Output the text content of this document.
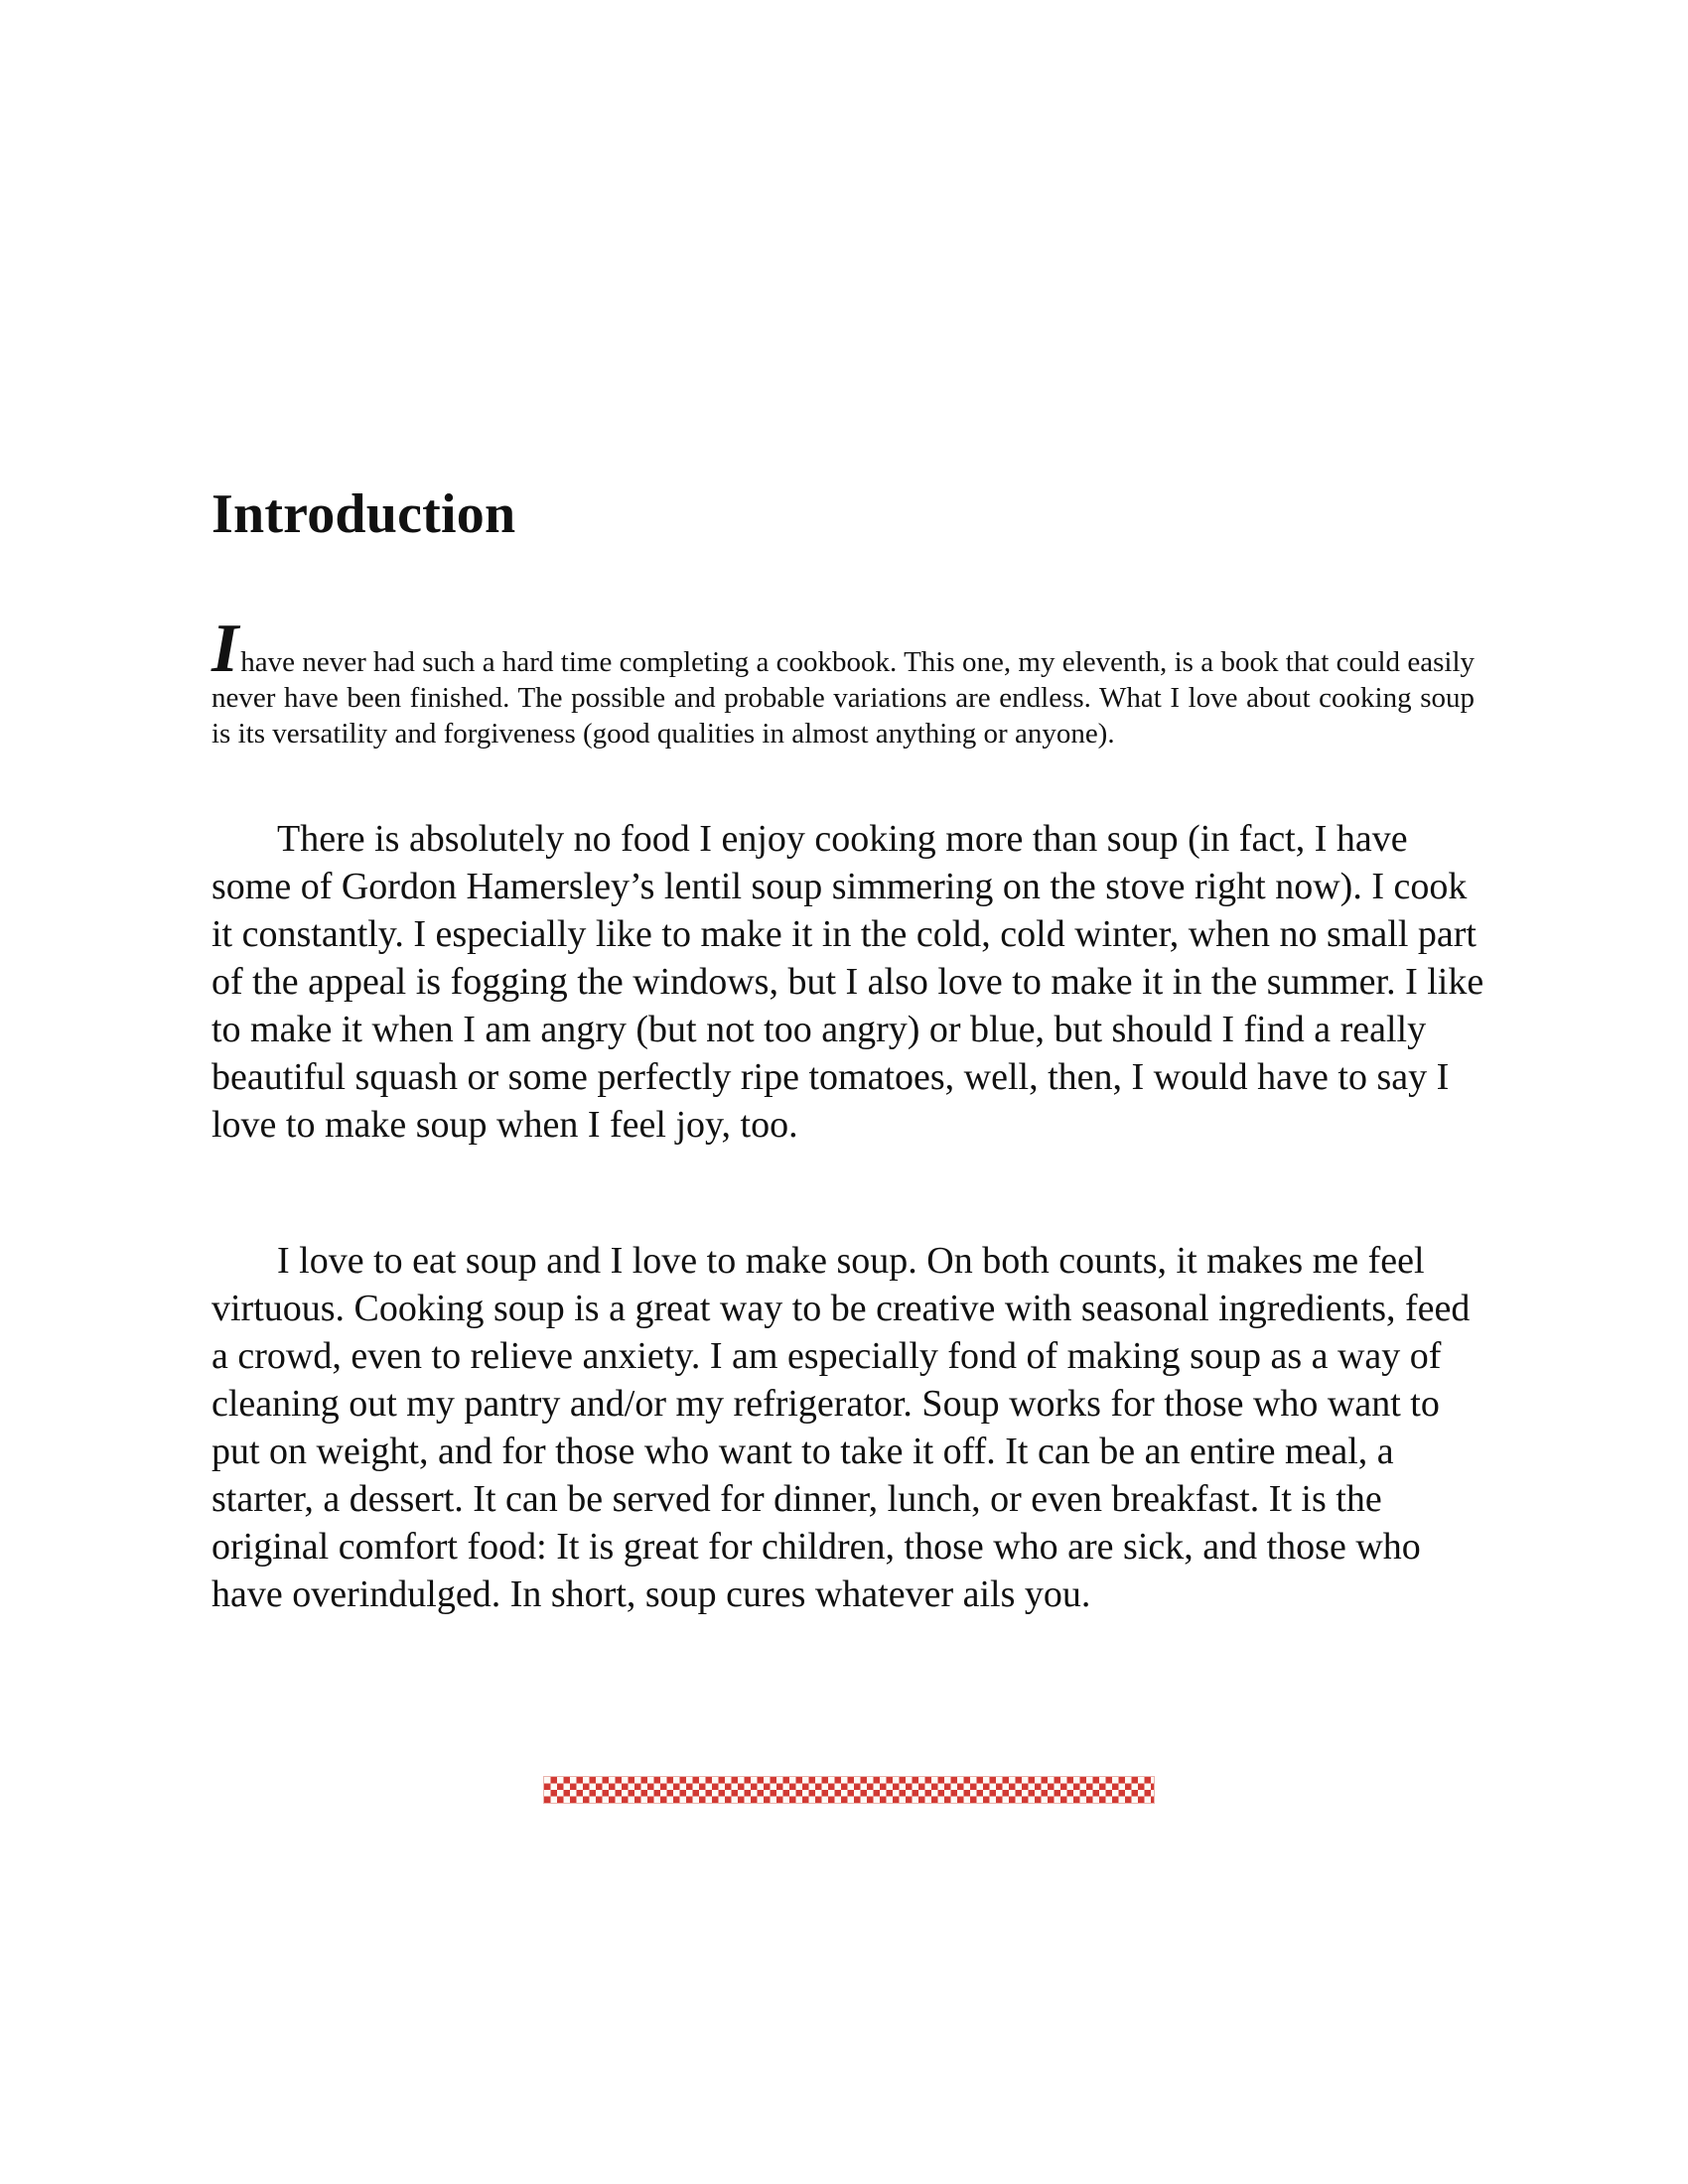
Introduction

Ihave never had such a hard time completing a cookbook. This one, my eleventh, is a book that could easily never have been finished. The possible and probable variations are endless. What I love about cooking soup is its versatility and forgiveness (good qualities in almost anything or anyone).

There is absolutely no food I enjoy cooking more than soup (in fact, I have some of Gordon Hamersley’s lentil soup simmering on the stove right now). I cook it constantly. I especially like to make it in the cold, cold winter, when no small part of the appeal is fogging the windows, but I also love to make it in the summer. I like to make it when I am angry (but not too angry) or blue, but should I find a really beautiful squash or some perfectly ripe tomatoes, well, then, I would have to say I love to make soup when I feel joy, too.

I love to eat soup and I love to make soup. On both counts, it makes me feel virtuous. Cooking soup is a great way to be creative with seasonal ingredients, feed a crowd, even to relieve anxiety. I am especially fond of making soup as a way of cleaning out my pantry and/or my refrigerator. Soup works for those who want to put on weight, and for those who want to take it off. It can be an entire meal, a starter, a dessert. It can be served for dinner, lunch, or even breakfast. It is the original comfort food: It is great for children, those who are sick, and those who have overindulged. In short, soup cures whatever ails you.
